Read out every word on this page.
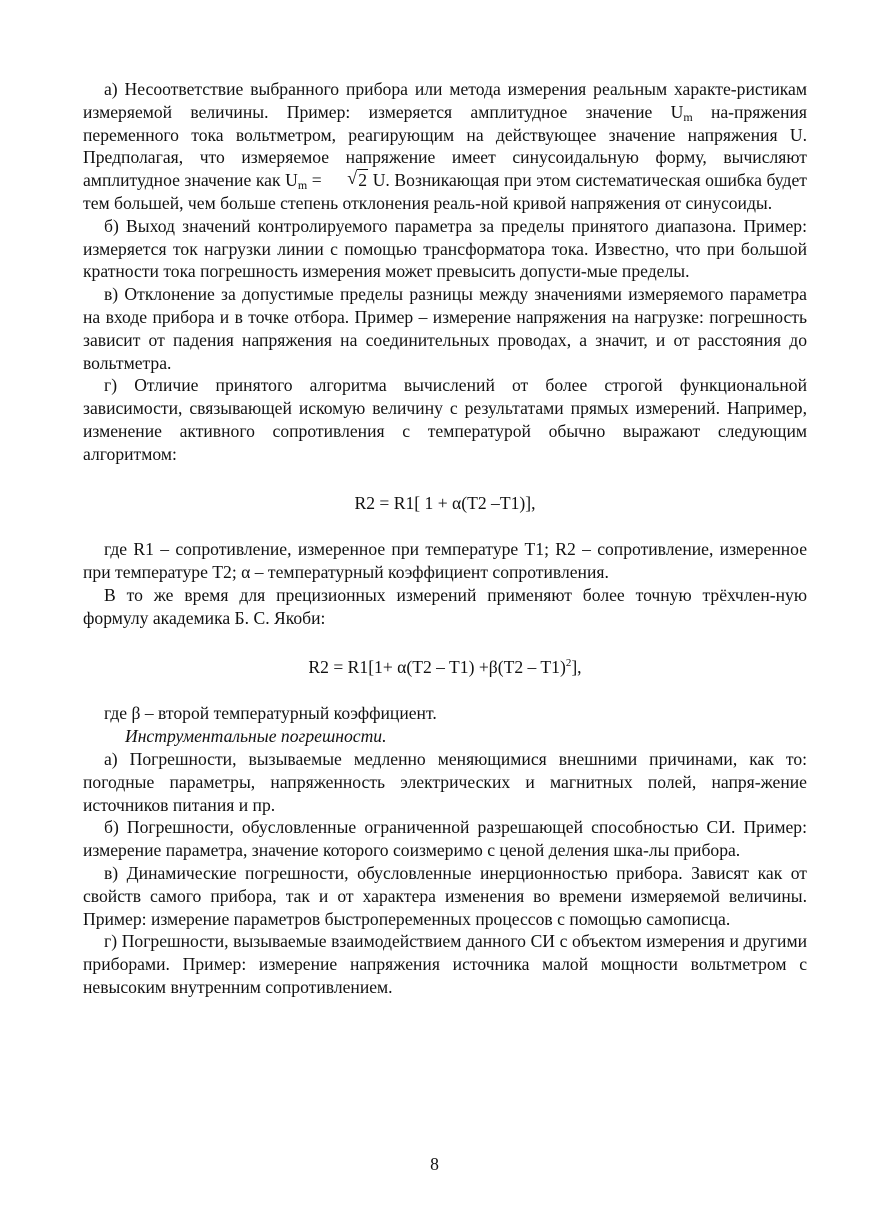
а) Несоответствие выбранного прибора или метода измерения реальным характе-ристикам измеряемой величины. Пример: измеряется амплитудное значение $U_m$ на-пряжения переменного тока вольтметром, реагирующим на действующее значение напряжения U. Предполагая, что измеряемое напряжение имеет синусоидальную форму, вычисляют амплитудное значение как $U_m$ =	√ 2 U. Возникающая при этом систематическая ошибка будет тем большей, чем больше степень отклонения реаль-ной кривой напряжения от синусоиды.

б) Выход значений контролируемого параметра за пределы принятого диапазона. Пример: измеряется ток нагрузки линии с помощью трансформатора тока. Известно, что при большой кратности тока погрешность измерения может превысить допусти-мые пределы.

в) Отклонение за допустимые пределы разницы между значениями измеряемого параметра на входе прибора и в точке отбора. Пример – измерение напряжения на нагрузке: погрешность зависит от падения напряжения на соединительных проводах, а значит, и от расстояния до вольтметра.

г) Отличие принятого алгоритма вычислений от более строгой функциональной зависимости, связывающей искомую величину с результатами прямых измерений. Например, изменение активного сопротивления с температурой обычно выражают следующим алгоритмом:

R2 = R1[ 1 + α(T2 –T1)],

где R1 – сопротивление, измеренное при температуре T1; R2 – сопротивление, измеренное при температуре T2; α – температурный коэффициент сопротивления.

В то же время для прецизионных измерений применяют более точную трёхчлен-ную формулу академика Б. С. Якоби:

R2 = R1[1+ α(T2 – T1) +β(T2 – T1)$^2$],

где β – второй температурный коэффициент.

Инструментальные погрешности.

а) Погрешности, вызываемые медленно меняющимися внешними причинами, как то: погодные параметры, напряженность электрических и магнитных полей, напря-жение источников питания и пр.

б) Погрешности, обусловленные ограниченной разрешающей способностью СИ. Пример: измерение параметра, значение которого соизмеримо с ценой деления шка-лы прибора.

в) Динамические погрешности, обусловленные инерционностью прибора. Зависят как от свойств самого прибора, так и от характера изменения во времени измеряемой величины. Пример: измерение параметров быстропеременных процессов с помощью самописца.

г) Погрешности, вызываемые взаимодействием данного СИ с объектом измерения и другими приборами. Пример: измерение напряжения источника малой мощности вольтметром с невысоким внутренним сопротивлением.

8
